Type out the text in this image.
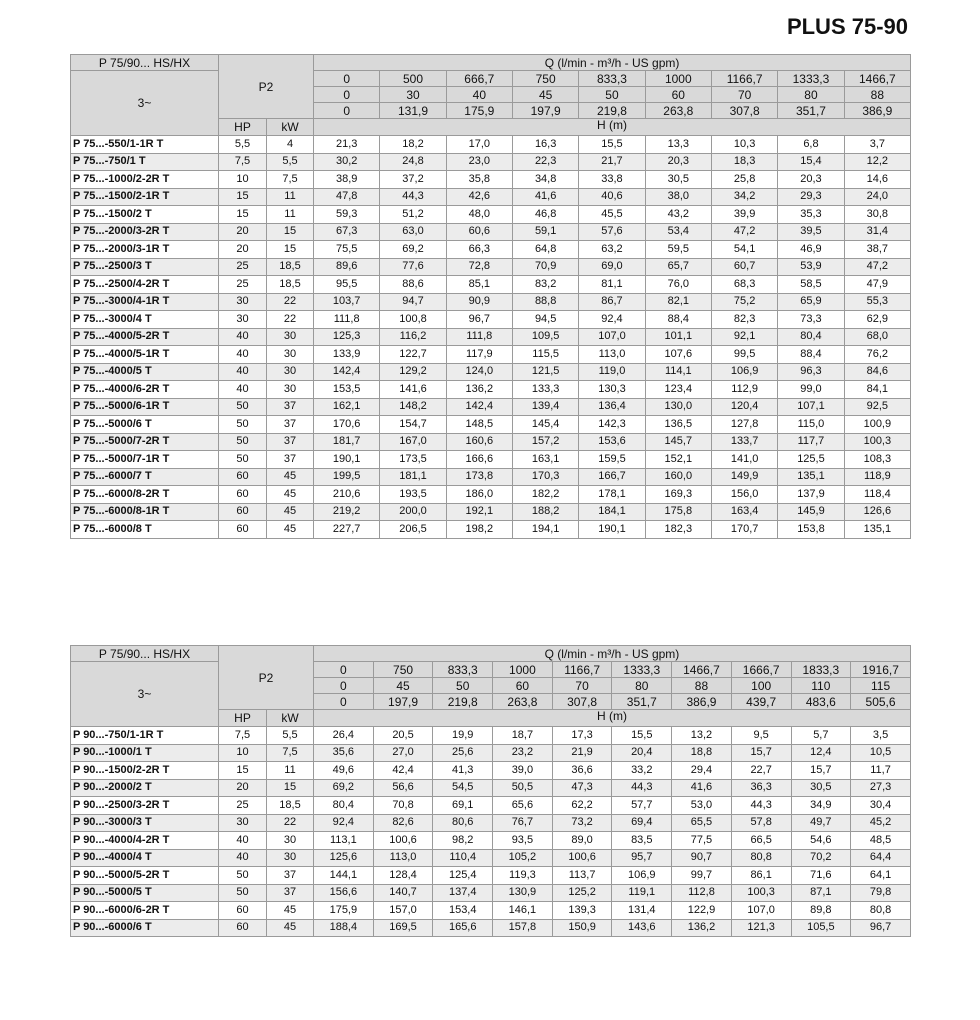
PLUS 75-90
P 75/90... HS/HX	P2		Q (l/min - m³/h - US gpm)								
3~			0	500	666,7	750	833,3	1000	1166,7	1333,3	1466,7
			0	30	40	45	50	60	70	80	88
			0	131,9	175,9	197,9	219,8	263,8	307,8	351,7	386,9
	HP	kW	H (m)								
P 75...-550/1-1R T	5,5	4	21,3	18,2	17,0	16,3	15,5	13,3	10,3	6,8	3,7
P 75...-750/1 T	7,5	5,5	30,2	24,8	23,0	22,3	21,7	20,3	18,3	15,4	12,2
P 75...-1000/2-2R T	10	7,5	38,9	37,2	35,8	34,8	33,8	30,5	25,8	20,3	14,6
P 75...-1500/2-1R T	15	11	47,8	44,3	42,6	41,6	40,6	38,0	34,2	29,3	24,0
P 75...-1500/2 T	15	11	59,3	51,2	48,0	46,8	45,5	43,2	39,9	35,3	30,8
P 75...-2000/3-2R T	20	15	67,3	63,0	60,6	59,1	57,6	53,4	47,2	39,5	31,4
P 75...-2000/3-1R T	20	15	75,5	69,2	66,3	64,8	63,2	59,5	54,1	46,9	38,7
P 75...-2500/3 T	25	18,5	89,6	77,6	72,8	70,9	69,0	65,7	60,7	53,9	47,2
P 75...-2500/4-2R T	25	18,5	95,5	88,6	85,1	83,2	81,1	76,0	68,3	58,5	47,9
P 75...-3000/4-1R T	30	22	103,7	94,7	90,9	88,8	86,7	82,1	75,2	65,9	55,3
P 75...-3000/4 T	30	22	111,8	100,8	96,7	94,5	92,4	88,4	82,3	73,3	62,9
P 75...-4000/5-2R T	40	30	125,3	116,2	111,8	109,5	107,0	101,1	92,1	80,4	68,0
P 75...-4000/5-1R T	40	30	133,9	122,7	117,9	115,5	113,0	107,6	99,5	88,4	76,2
P 75...-4000/5 T	40	30	142,4	129,2	124,0	121,5	119,0	114,1	106,9	96,3	84,6
P 75...-4000/6-2R T	40	30	153,5	141,6	136,2	133,3	130,3	123,4	112,9	99,0	84,1
P 75...-5000/6-1R T	50	37	162,1	148,2	142,4	139,4	136,4	130,0	120,4	107,1	92,5
P 75...-5000/6 T	50	37	170,6	154,7	148,5	145,4	142,3	136,5	127,8	115,0	100,9
P 75...-5000/7-2R T	50	37	181,7	167,0	160,6	157,2	153,6	145,7	133,7	117,7	100,3
P 75...-5000/7-1R T	50	37	190,1	173,5	166,6	163,1	159,5	152,1	141,0	125,5	108,3
P 75...-6000/7 T	60	45	199,5	181,1	173,8	170,3	166,7	160,0	149,9	135,1	118,9
P 75...-6000/8-2R T	60	45	210,6	193,5	186,0	182,2	178,1	169,3	156,0	137,9	118,4
P 75...-6000/8-1R T	60	45	219,2	200,0	192,1	188,2	184,1	175,8	163,4	145,9	126,6
P 75...-6000/8 T	60	45	227,7	206,5	198,2	194,1	190,1	182,3	170,7	153,8	135,1
P 75/90... HS/HX	P2		Q (l/min - m³/h - US gpm)									
3~			0	750	833,3	1000	1166,7	1333,3	1466,7	1666,7	1833,3	1916,7
			0	45	50	60	70	80	88	100	110	115
			0	197,9	219,8	263,8	307,8	351,7	386,9	439,7	483,6	505,6
	HP	kW	H (m)									
P 90...-750/1-1R T	7,5	5,5	26,4	20,5	19,9	18,7	17,3	15,5	13,2	9,5	5,7	3,5
P 90...-1000/1 T	10	7,5	35,6	27,0	25,6	23,2	21,9	20,4	18,8	15,7	12,4	10,5
P 90...-1500/2-2R T	15	11	49,6	42,4	41,3	39,0	36,6	33,2	29,4	22,7	15,7	11,7
P 90...-2000/2 T	20	15	69,2	56,6	54,5	50,5	47,3	44,3	41,6	36,3	30,5	27,3
P 90...-2500/3-2R T	25	18,5	80,4	70,8	69,1	65,6	62,2	57,7	53,0	44,3	34,9	30,4
P 90...-3000/3 T	30	22	92,4	82,6	80,6	76,7	73,2	69,4	65,5	57,8	49,7	45,2
P 90...-4000/4-2R T	40	30	113,1	100,6	98,2	93,5	89,0	83,5	77,5	66,5	54,6	48,5
P 90...-4000/4 T	40	30	125,6	113,0	110,4	105,2	100,6	95,7	90,7	80,8	70,2	64,4
P 90...-5000/5-2R T	50	37	144,1	128,4	125,4	119,3	113,7	106,9	99,7	86,1	71,6	64,1
P 90...-5000/5 T	50	37	156,6	140,7	137,4	130,9	125,2	119,1	112,8	100,3	87,1	79,8
P 90...-6000/6-2R T	60	45	175,9	157,0	153,4	146,1	139,3	131,4	122,9	107,0	89,8	80,8
P 90...-6000/6 T	60	45	188,4	169,5	165,6	157,8	150,9	143,6	136,2	121,3	105,5	96,7
